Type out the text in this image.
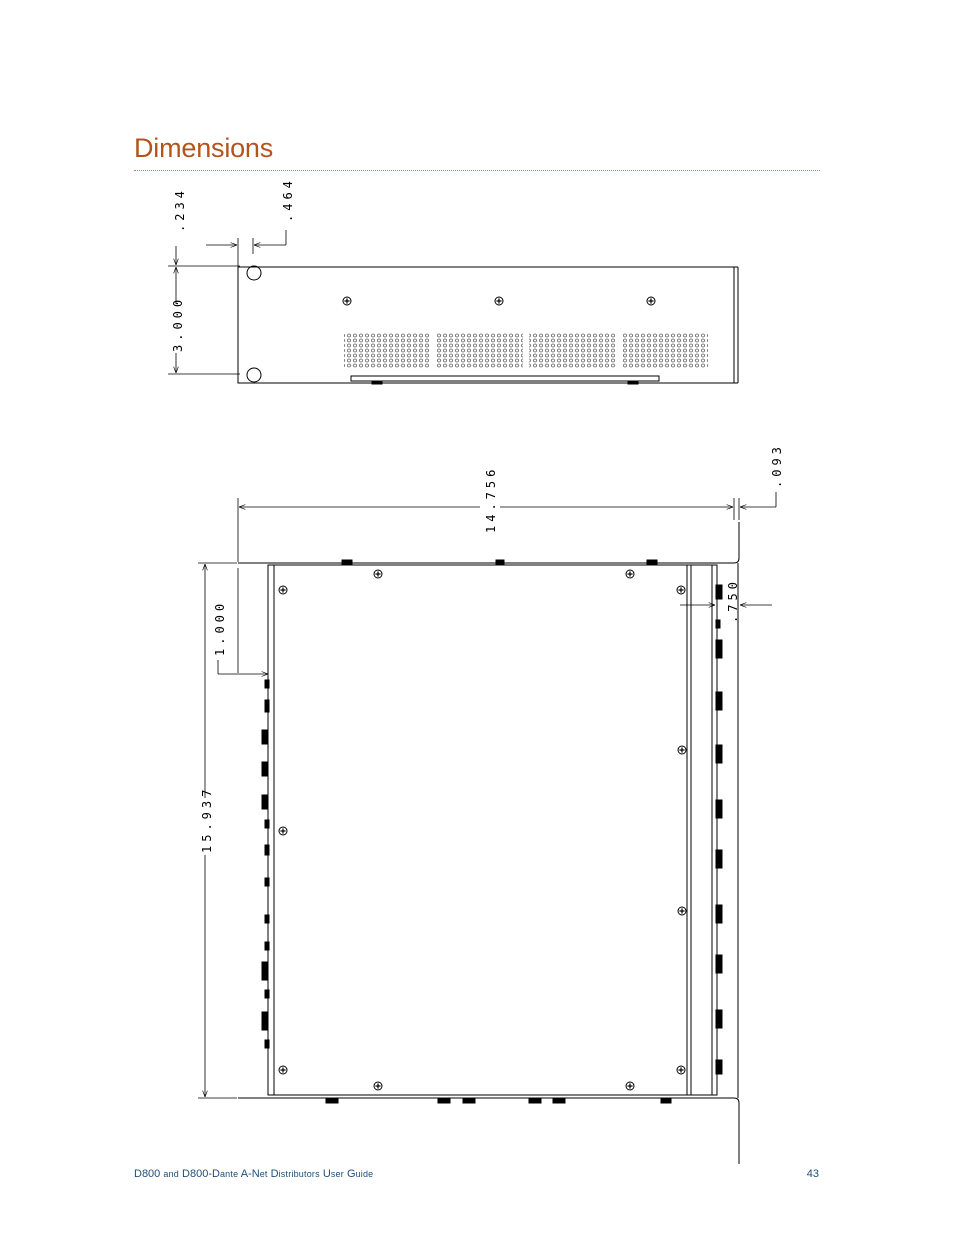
Dimensions
.234	.464
3.000
14.756
.093
.750
1.000
15.937
D800 and D800-Dante A-Net Distributors User Guide	43
